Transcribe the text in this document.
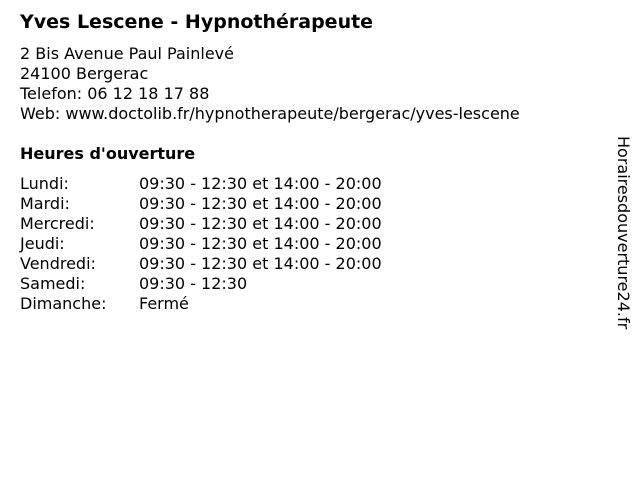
Yves Lescene - Hypnothérapeute
2 Bis Avenue Paul Painlevé
24100 Bergerac
Telefon: 06 12 18 17 88
Web: www.doctolib.fr/hypnotherapeute/bergerac/yves-lescene
Heures d'ouverture
Lundi:	09:30 - 12:30 et 14:00 - 20:00
Mardi:	09:30 - 12:30 et 14:00 - 20:00
Mercredi:	09:30 - 12:30 et 14:00 - 20:00
Jeudi:	09:30 - 12:30 et 14:00 - 20:00
Vendredi:	09:30 - 12:30 et 14:00 - 20:00
Samedi:	09:30 - 12:30
Dimanche: Fermé	Horairesdouverture24.fr
